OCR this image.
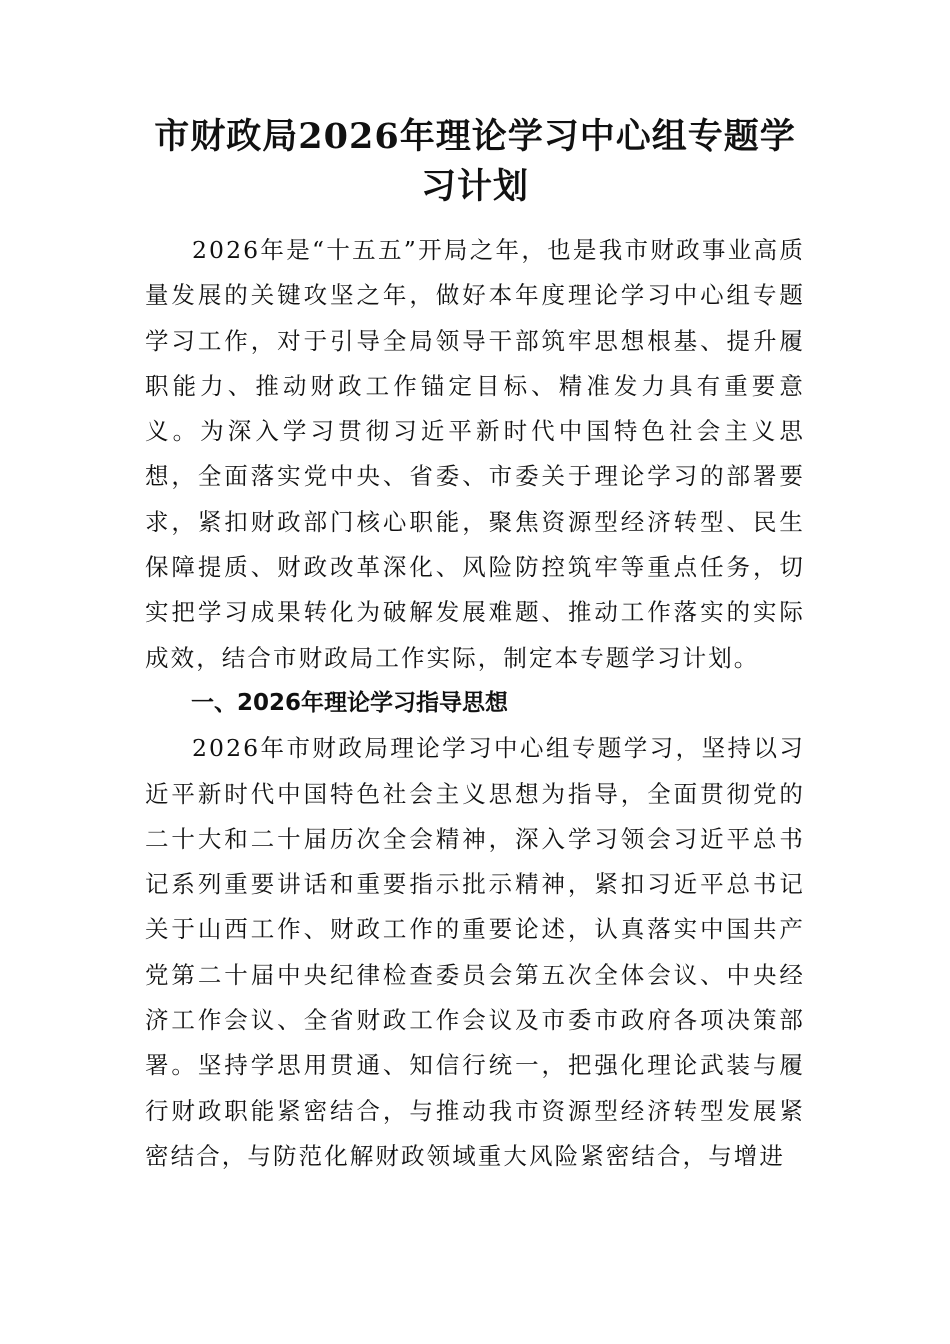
市财政局2026年理论学习中心组专题学习计划

2026年是“十五五”开局之年，也是我市财政事业高质量发展的关键攻坚之年，做好本年度理论学习中心组专题学习工作，对于引导全局领导干部筑牢思想根基、提升履职能力、推动财政工作锚定目标、精准发力具有重要意义。为深入学习贯彻习近平新时代中国特色社会主义思想，全面落实党中央、省委、市委关于理论学习的部署要求，紧扣财政部门核心职能，聚焦资源型经济转型、民生保障提质、财政改革深化、风险防控筑牢等重点任务，切实把学习成果转化为破解发展难题、推动工作落实的实际成效，结合市财政局工作实际，制定本专题学习计划。

一、2026年理论学习指导思想

2026年市财政局理论学习中心组专题学习，坚持以习近平新时代中国特色社会主义思想为指导，全面贯彻党的二十大和二十届历次全会精神，深入学习领会习近平总书记系列重要讲话和重要指示批示精神，紧扣习近平总书记关于山西工作、财政工作的重要论述，认真落实中国共产党第二十届中央纪律检查委员会第五次全体会议、中央经济工作会议、全省财政工作会议及市委市政府各项决策部署。坚持学思用贯通、知信行统一，把强化理论武装与履行财政职能紧密结合，与推动我市资源型经济转型发展紧密结合，与防范化解财政领域重大风险紧密结合，与增进
